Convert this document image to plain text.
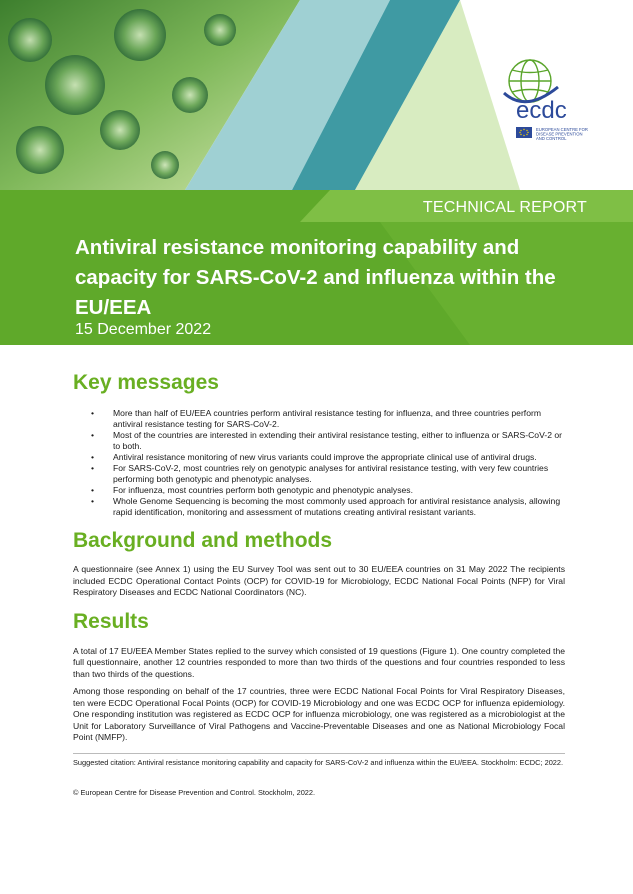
ecdc
EUROPEAN CENTRE FOR
DISEASE PREVENTION
AND CONTROL
TECHNICAL REPORT
Antiviral resistance monitoring capability and capacity for SARS-CoV-2 and influenza within the EU/EEA
15 December 2022
Key messages
• More than half of EU/EEA countries perform antiviral resistance testing for influenza, and three countries perform antiviral resistance testing for SARS-CoV-2.
• Most of the countries are interested in extending their antiviral resistance testing, either to influenza or SARS-CoV-2 or to both.
• Antiviral resistance monitoring of new virus variants could improve the appropriate clinical use of antiviral drugs.
• For SARS-CoV-2, most countries rely on genotypic analyses for antiviral resistance testing, with very few countries performing both genotypic and phenotypic analyses.
• For influenza, most countries perform both genotypic and phenotypic analyses.
• Whole Genome Sequencing is becoming the most commonly used approach for antiviral resistance analysis, allowing rapid identification, monitoring and assessment of mutations creating antiviral resistant variants.
Background and methods

A questionnaire (see Annex 1) using the EU Survey Tool was sent out to 30 EU/EEA countries on 31 May 2022 The recipients included ECDC Operational Contact Points (OCP) for COVID-19 for Microbiology, ECDC National Focal Points (NFP) for Viral Respiratory Diseases and ECDC National Coordinators (NC).

Results

A total of 17 EU/EEA Member States replied to the survey which consisted of 19 questions (Figure 1). One country completed the full questionnaire, another 12 countries responded to more than two thirds of the questions and four countries responded to less than two thirds of the questions.

Among those responding on behalf of the 17 countries, three were ECDC National Focal Points for Viral Respiratory Diseases, ten were ECDC Operational Focal Points (OCP) for COVID-19 Microbiology and one was ECDC OCP for influenza epidemiology. One responding institution was registered as ECDC OCP for influenza microbiology, one was registered as a microbiologist at the Unit for Laboratory Surveillance of Viral Pathogens and Vaccine-Preventable Diseases and one as National Microbiology Focal Point (NMFP).

Suggested citation: Antiviral resistance monitoring capability and capacity for SARS-CoV-2 and influenza within the EU/EEA. Stockholm: ECDC; 2022.
© European Centre for Disease Prevention and Control. Stockholm, 2022.
